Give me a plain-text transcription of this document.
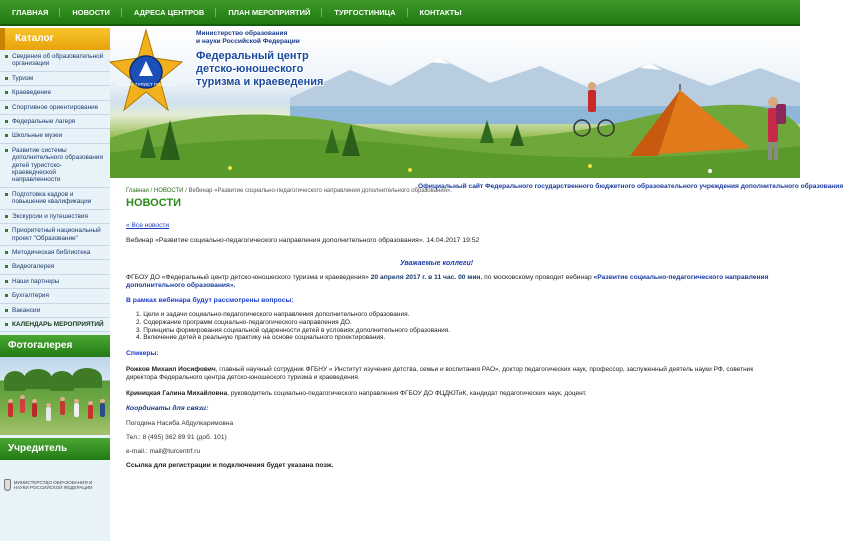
ГЛАВНАЯ	НОВОСТИ	АДРЕСА ЦЕНТРОВ	ПЛАН МЕРОПРИЯТИЙ	ТУРГОСТИНИЦА	КОНТАКТЫ
Каталог
Сведения об образовательной организации
Туризм
Краеведение
Спортивное ориентирование
Федеральные лагеря
Школьные музеи
Развитие системы дополнительного образования детей туристско-краеведческой направленности
Подготовка кадров и повышение квалификации
Экскурсии и путешествия
Приоритетный национальный проект "Образование"
Методическая библиотека
Видеогалерея
Наши партнеры
Бухгалтерия
Вакансии
КАЛЕНДАРЬ МЕРОПРИЯТИЙ
Фотогалерея
Учредитель
МИНИСТЕРСТВО ОБРАЗОВАНИЯ И НАУКИ РОССИЙСКОЙ ФЕДЕРАЦИИ
ЮНЫЙ ТУРИСТ РОССИИ
Министерство образования
и науки Российской Федерации
Федеральный центр
детско-юношеского
туризма и краеведения
Официальный сайт Федерального государственного бюджетного образовательного учреждения дополнительного образования
Главная / НОВОСТИ / Вебинар «Развитие социально-педагогического направления дополнительного образования».
НОВОСТИ
« Все новости
Вебинар «Развитие социально-педагогического направления дополнительного образования». 14.04.2017 19:52
Уважаемые коллеги!
ФГБОУ ДО «Федеральный центр детско-юношеского туризма и краеведения» 20 апреля 2017 г. в 11 час. 00 мин. по московскому проводит вебинар «Развитие социально-педагогического направления дополнительного образования».
В рамках вебинара будут рассмотрены вопросы:
1. Цели и задачи социально-педагогического направления дополнительного образования.
2. Содержание программ социально-педагогического направления ДО.
3. Принципы формирования социальной одаренности детей в условиях дополнительного образования.
4. Включение детей в реальную практику на основе социального проектирования.
Спикеры:
Рожков Михаил Иосифович, главный научный сотрудник ФГБНУ « Институт изучения детства, семьи и воспитания РАО», доктор педагогических наук, профессор, заслуженный деятель науки РФ, советник
директора Федерального центра детско-юношеского туризма и краеведения.
Криницкая Галина Михайловна, руководитель социально-педагогического направления ФГБОУ ДО ФЦДЮТиК, кандидат педагогических наук, доцент.
Координаты для связи:
Погодина Насиба Абдулкаримовна
Тел.: 8 (495) 362 89 91 (доб. 101)
e-mail.: mail@turcentrf.ru
Ссылка для регистрации и подключения будет указана позж.
